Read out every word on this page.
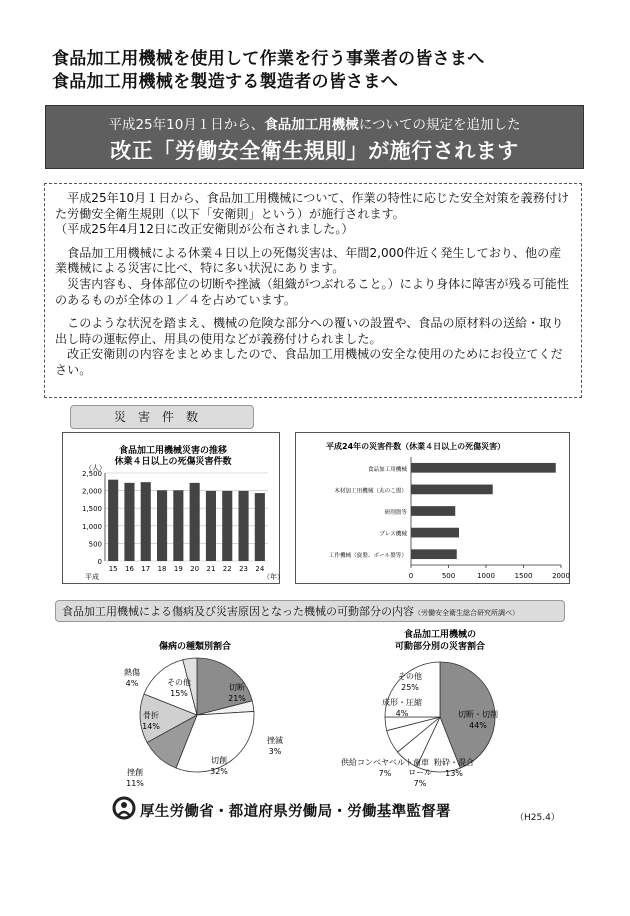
食品加工用機械を使用して作業を行う事業者の皆さまへ
食品加工用機械を製造する製造者の皆さまへ
平成25年10月１日から、食品加工用機械についての規定を追加した
改正「労働安全衛生規則」が施行されます

　平成25年10月１日から、食品加工用機械について、作業の特性に応じた安全対策を義務付けた労働安全衛生規則（以下「安衛則」という）が施行されます。
（平成25年4月12日に改正安衛則が公布されました。）

　食品加工用機械による休業４日以上の死傷災害は、年間2,000件近く発生しており、他の産業機械による災害に比べ、特に多い状況にあります。
　災害内容も、身体部位の切断や挫滅（組織がつぶれること。）により身体に障害が残る可能性のあるものが全体の１／４を占めています。

　このような状況を踏まえ、機械の危険な部分への覆いの設置や、食品の原材料の送給・取り出し時の運転停止、用具の使用などが義務付けられました。
　改正安衛則の内容をまとめましたので、食品加工用機械の安全な使用のためにお役立てください。

災害件数
食品加工用機械災害の推移
休業４日以上の死傷災害件数
（人）
（年）
平成
0
500
1,000
1,500
2,000
2,500
15 16 17 18 19 20 21 22 23 24
平成24年の災害件数（休業４日以上の死傷災害）
0	500	1000	1500	2000
食品加工用機械
木材加工用機械（丸のこ盤）
研削盤等
プレス機械
工作機械（旋盤、ボール盤等）
食品加工用機械による傷病及び災害原因となった機械の可動部分の内容（労働安全衛生総合研究所調べ）
傷病の種類別割合
食品加工用機械の
可動部分別の災害割合
切断
21%
挫滅
3%
切創
32%
挫創
11%
骨折
14%
その他
15%
熱傷
4%
切断・切削
44%
粉砕・混合
13%
ロール
7%
供給コンベヤベルト歯車
7%
成形・圧縮
4%
その他
25%
厚生労働省・都道府県労働局・労働基準監督署	（H25.4）
